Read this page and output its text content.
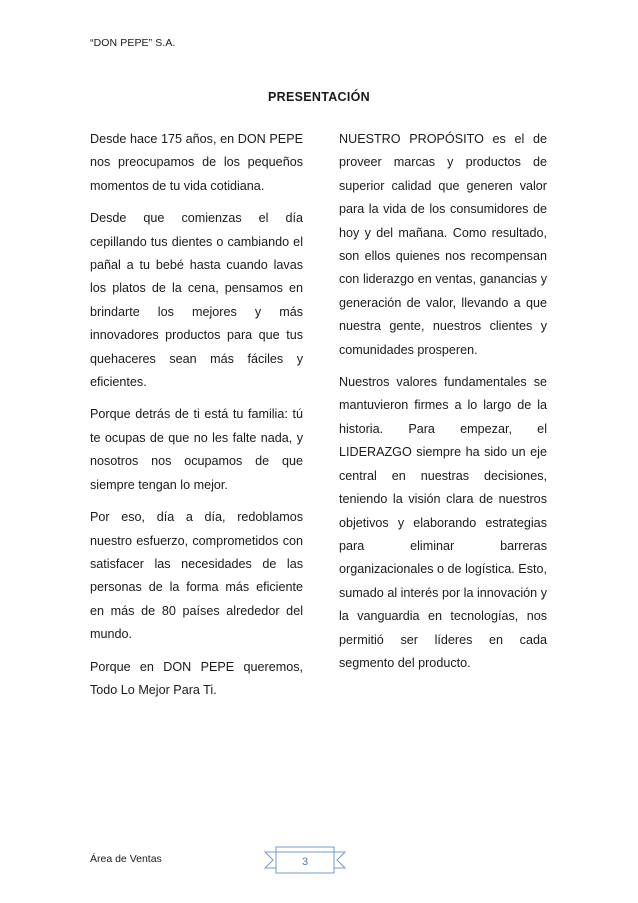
“DON PEPE” S.A.
PRESENTACIÓN

Desde hace 175 años, en DON PEPE nos preocupamos de los pequeños momentos de tu vida cotidiana.

Desde que comienzas el día cepillando tus dientes o cambiando el pañal a tu bebé hasta cuando lavas los platos de la cena, pensamos en brindarte los mejores y más innovadores productos para que tus quehaceres sean más fáciles y eficientes.

Porque detrás de ti está tu familia: tú te ocupas de que no les falte nada, y nosotros nos ocupamos de que siempre tengan lo mejor.

Por eso, día a día, redoblamos nuestro esfuerzo, comprometidos con satisfacer las necesidades de las personas de la forma más eficiente en más de 80 países alrededor del mundo.

Porque en DON PEPE queremos, Todo Lo Mejor Para Ti.

NUESTRO PROPÓSITO es el de proveer marcas y productos de superior calidad que generen valor para la vida de los consumidores de hoy y del mañana. Como resultado, son ellos quienes nos recompensan con liderazgo en ventas, ganancias y generación de valor, llevando a que nuestra gente, nuestros clientes y comunidades prosperen.

Nuestros valores fundamentales se mantuvieron firmes a lo largo de la historia. Para empezar, el LIDERAZGO siempre ha sido un eje central en nuestras decisiones, teniendo la visión clara de nuestros objetivos y elaborando estrategias para eliminar barreras organizacionales o de logística. Esto, sumado al interés por la innovación y la vanguardia en tecnologías, nos permitió ser líderes en cada segmento del producto.

Área de Ventas	3
